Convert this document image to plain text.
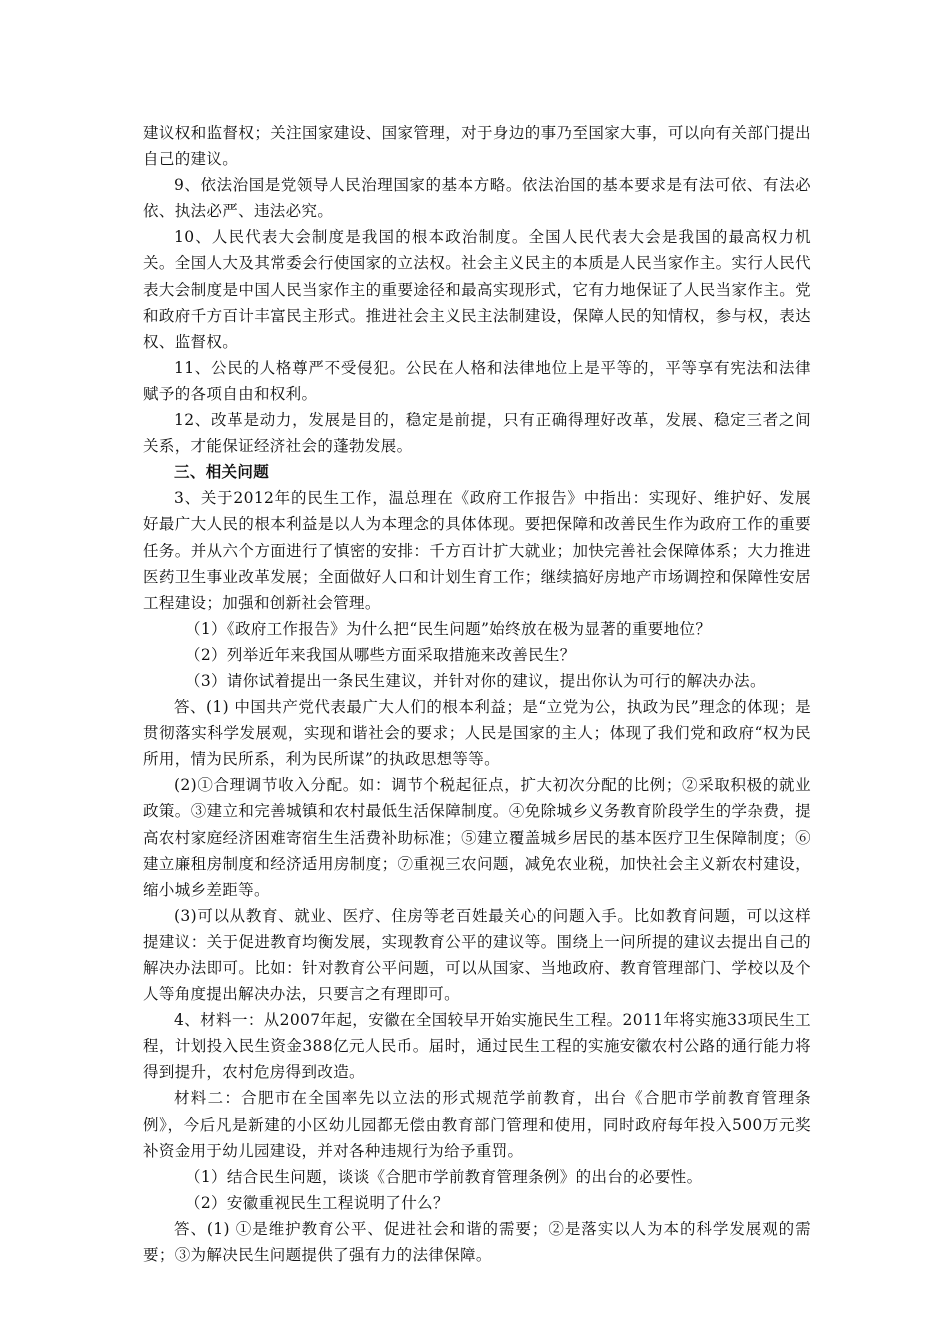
建议权和监督权；关注国家建设、国家管理，对于身边的事乃至国家大事，可以向有关部门提出自己的建议。

9、依法治国是党领导人民治理国家的基本方略。依法治国的基本要求是有法可依、有法必依、执法必严、违法必究。

10、人民代表大会制度是我国的根本政治制度。全国人民代表大会是我国的最高权力机关。全国人大及其常委会行使国家的立法权。社会主义民主的本质是人民当家作主。实行人民代表大会制度是中国人民当家作主的重要途径和最高实现形式，它有力地保证了人民当家作主。党和政府千方百计丰富民主形式。推进社会主义民主法制建设，保障人民的知情权，参与权，表达权、监督权。

11、公民的人格尊严不受侵犯。公民在人格和法律地位上是平等的，平等享有宪法和法律赋予的各项自由和权利。

12、改革是动力，发展是目的，稳定是前提，只有正确得理好改革，发展、稳定三者之间关系，才能保证经济社会的蓬勃发展。

三、相关问题

3、关于2012年的民生工作，温总理在《政府工作报告》中指出：实现好、维护好、发展好最广大人民的根本利益是以人为本理念的具体体现。要把保障和改善民生作为政府工作的重要任务。并从六个方面进行了慎密的安排：千方百计扩大就业；加快完善社会保障体系；大力推进医药卫生事业改革发展；全面做好人口和计划生育工作；继续搞好房地产市场调控和保障性安居工程建设；加强和创新社会管理。

（1）《政府工作报告》为什么把“民生问题”始终放在极为显著的重要地位？

（2）列举近年来我国从哪些方面采取措施来改善民生？

（3）请你试着提出一条民生建议，并针对你的建议，提出你认为可行的解决办法。

答、(1) 中国共产党代表最广大人们的根本利益；是“立党为公，执政为民”理念的体现；是贯彻落实科学发展观，实现和谐社会的要求；人民是国家的主人；体现了我们党和政府“权为民所用，情为民所系，利为民所谋”的执政思想等等。

(2)①合理调节收入分配。如：调节个税起征点，扩大初次分配的比例；②采取积极的就业政策。③建立和完善城镇和农村最低生活保障制度。④免除城乡义务教育阶段学生的学杂费，提高农村家庭经济困难寄宿生生活费补助标准；⑤建立覆盖城乡居民的基本医疗卫生保障制度；⑥建立廉租房制度和经济适用房制度；⑦重视三农问题，减免农业税，加快社会主义新农村建设，缩小城乡差距等。

(3)可以从教育、就业、医疗、住房等老百姓最关心的问题入手。比如教育问题，可以这样提建议：关于促进教育均衡发展，实现教育公平的建议等。围绕上一问所提的建议去提出自己的解决办法即可。比如：针对教育公平问题，可以从国家、当地政府、教育管理部门、学校以及个人等角度提出解决办法，只要言之有理即可。

4、材料一：从2007年起，安徽在全国较早开始实施民生工程。2011年将实施33项民生工程，计划投入民生资金388亿元人民币。届时，通过民生工程的实施安徽农村公路的通行能力将得到提升，农村危房得到改造。

材料二：合肥市在全国率先以立法的形式规范学前教育，出台《合肥市学前教育管理条例》，今后凡是新建的小区幼儿园都无偿由教育部门管理和使用，同时政府每年投入500万元奖补资金用于幼儿园建设，并对各种违规行为给予重罚。

（1）结合民生问题，谈谈《合肥市学前教育管理条例》的出台的必要性。

（2）安徽重视民生工程说明了什么？

答、(1) ①是维护教育公平、促进社会和谐的需要；②是落实以人为本的科学发展观的需要；③为解决民生问题提供了强有力的法律保障。
